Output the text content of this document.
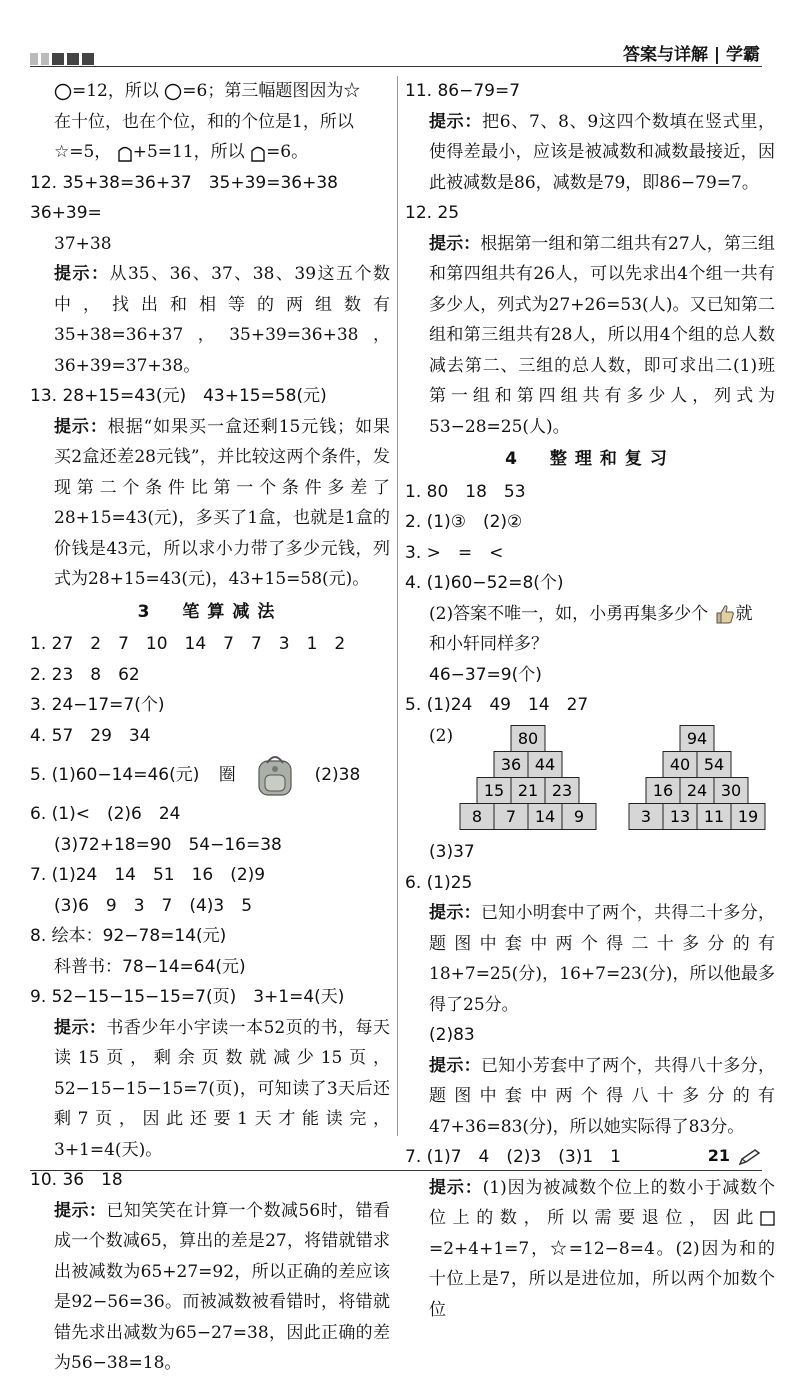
答案与详解 | 学霸
=12，所以 =6；第三幅题图因为☆
在十位，也在个位，和的个位是1，所以
☆=5， +5=11，所以 =6。
12. 35+38=36+37　35+39=36+38　36+39=
37+38
提示：从35、36、37、38、39这五个数中，找出和相等的两组数有35+38=36+37，35+39=36+38，36+39=37+38。
13. 28+15=43(元)　43+15=58(元)
提示：根据“如果买一盒还剩15元钱；如果买2盒还差28元钱”，并比较这两个条件，发现第二个条件比第一个条件多差了28+15=43(元)，多买了1盒，也就是1盒的价钱是43元，所以求小力带了多少元钱，列式为28+15=43(元)，43+15=58(元)。
3　笔算减法
1. 27　2　7　10　14　7　7　3　1　2
2. 23　8　62
3. 24−17=7(个)
4. 57　29　34
5. (1)60−14=46(元) 圈	(2)38
6. (1)<　(2)6　24
(3)72+18=90　54−16=38
7. (1)24　14　51　16　(2)9
(3)6　9　3　7　(4)3　5
8. 绘本：92−78=14(元)
科普书：78−14=64(元)
9. 52−15−15−15=7(页)　3+1=4(天)
提示：书香少年小宇读一本52页的书，每天读15页，剩余页数就减少15页，52−15−15−15=7(页)，可知读了3天后还剩7页，因此还要1天才能读完，3+1=4(天)。
10. 36　18
提示：已知笑笑在计算一个数减56时，错看成一个数减65，算出的差是27，将错就错求出被减数为65+27=92，所以正确的差应该是92−56=36。而被减数被看错时，将错就错先求出减数为65−27=38，因此正确的差为56−38=18。
11. 86−79=7
提示：把6、7、8、9这四个数填在竖式里，使得差最小，应该是被减数和减数最接近，因此被减数是86，减数是79，即86−79=7。
12. 25
提示：根据第一组和第二组共有27人，第三组和第四组共有26人，可以先求出4个组一共有多少人，列式为27+26=53(人)。又已知第二组和第三组共有28人，所以用4个组的总人数减去第二、三组的总人数，即可求出二(1)班第一组和第四组共有多少人，列式为53−28=25(人)。
4　整理和复习
1. 80　18　53
2. (1)③　(2)②
3. >　=　<
4. (1)60−52=8(个)
(2)答案不唯一，如，小勇再集多少个 就
和小轩同样多？
46−37=9(个)
5. (1)24　49　14　27
(2)	80
36 44
15 21 23
8 7 14 9
94
40 54
16 24 30
3 13 11 19
(3)37
6. (1)25
提示：已知小明套中了两个，共得二十多分，题图中套中两个得二十多分的有18+7=25(分)，16+7=23(分)，所以他最多得了25分。
(2)83
提示：已知小芳套中了两个，共得八十多分，题图中套中两个得八十多分的有47+36=83(分)，所以她实际得了83分。
7. (1)7　4　(2)3　(3)1　1
提示：(1)因为被减数个位上的数小于减数个位上的数，所以需要退位，因此=2+4+1=7，☆=12−8=4。(2)因为和的十位上是7，所以是进位加，所以两个加数个位
21
